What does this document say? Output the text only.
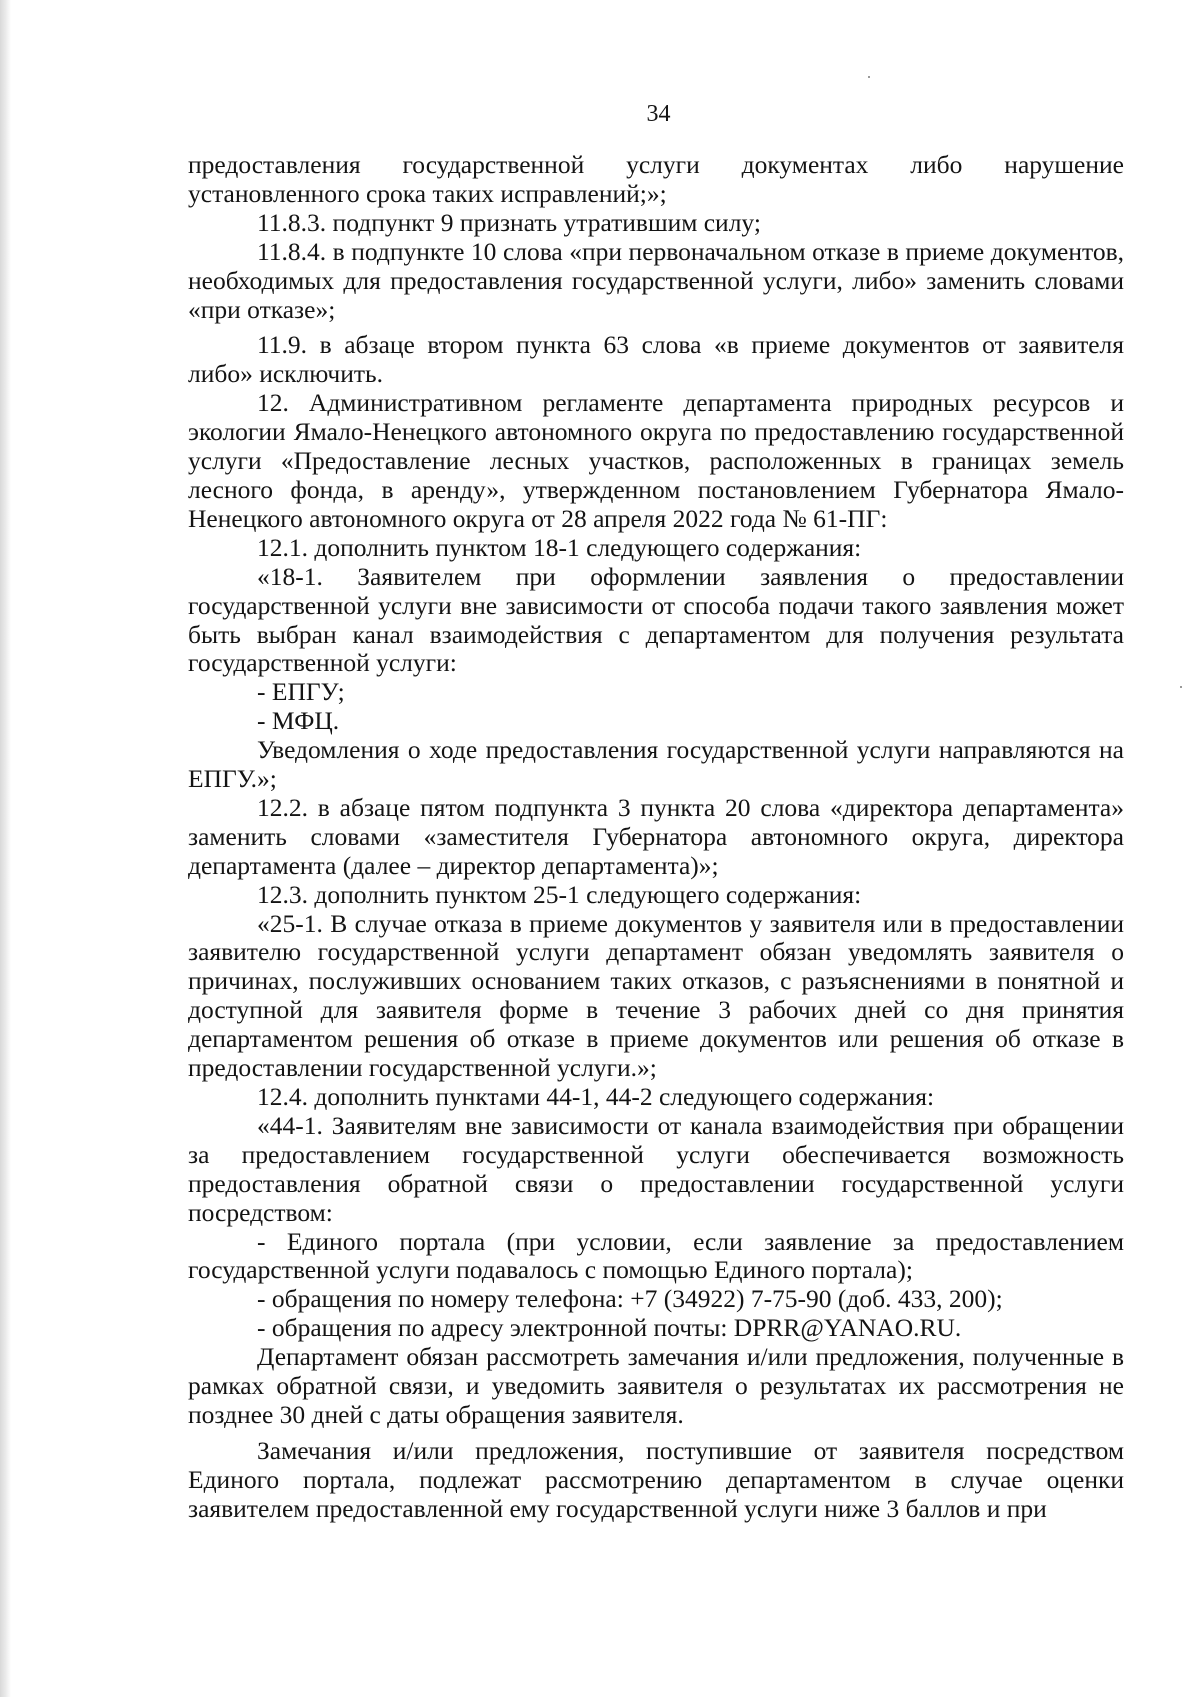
34

предоставления государственной услуги документах либо нарушение установленного срока таких исправлений;»;

11.8.3. подпункт 9 признать утратившим силу;

11.8.4. в подпункте 10 слова «при первоначальном отказе в приеме документов, необходимых для предоставления государственной услуги, либо» заменить словами «при отказе»;

11.9. в абзаце втором пункта 63 слова «в приеме документов от заявителя либо» исключить.

12. Административном регламенте департамента природных ресурсов и экологии Ямало-Ненецкого автономного округа по предоставлению государственной услуги «Предоставление лесных участков, расположенных в границах земель лесного фонда, в аренду», утвержденном постановлением Губернатора Ямало-Ненецкого автономного округа от 28 апреля 2022 года № 61-ПГ:

12.1. дополнить пунктом 18-1 следующего содержания:

«18-1. Заявителем при оформлении заявления о предоставлении государственной услуги вне зависимости от способа подачи такого заявления может быть выбран канал взаимодействия с департаментом для получения результата государственной услуги:

- ЕПГУ;

- МФЦ.

Уведомления о ходе предоставления государственной услуги направляются на ЕПГУ.»;

12.2. в абзаце пятом подпункта 3 пункта 20 слова «директора департамента» заменить словами «заместителя Губернатора автономного округа, директора департамента (далее – директор департамента)»;

12.3. дополнить пунктом 25-1 следующего содержания:

«25-1. В случае отказа в приеме документов у заявителя или в предоставлении заявителю государственной услуги департамент обязан уведомлять заявителя о причинах, послуживших основанием таких отказов, с разъяснениями в понятной и доступной для заявителя форме в течение 3 рабочих дней со дня принятия департаментом решения об отказе в приеме документов или решения об отказе в предоставлении государственной услуги.»;

12.4. дополнить пунктами 44-1, 44-2 следующего содержания:

«44-1. Заявителям вне зависимости от канала взаимодействия при обращении за предоставлением государственной услуги обеспечивается возможность предоставления обратной связи о предоставлении государственной услуги посредством:

- Единого портала (при условии, если заявление за предоставлением государственной услуги подавалось с помощью Единого портала);

- обращения по номеру телефона: +7 (34922) 7-75-90 (доб. 433, 200);

- обращения по адресу электронной почты: DPRR@YANAO.RU.

Департамент обязан рассмотреть замечания и/или предложения, полученные в рамках обратной связи, и уведомить заявителя о результатах их рассмотрения не позднее 30 дней с даты обращения заявителя.

Замечания и/или предложения, поступившие от заявителя посредством Единого портала, подлежат рассмотрению департаментом в случае оценки заявителем предоставленной ему государственной услуги ниже 3 баллов и при
